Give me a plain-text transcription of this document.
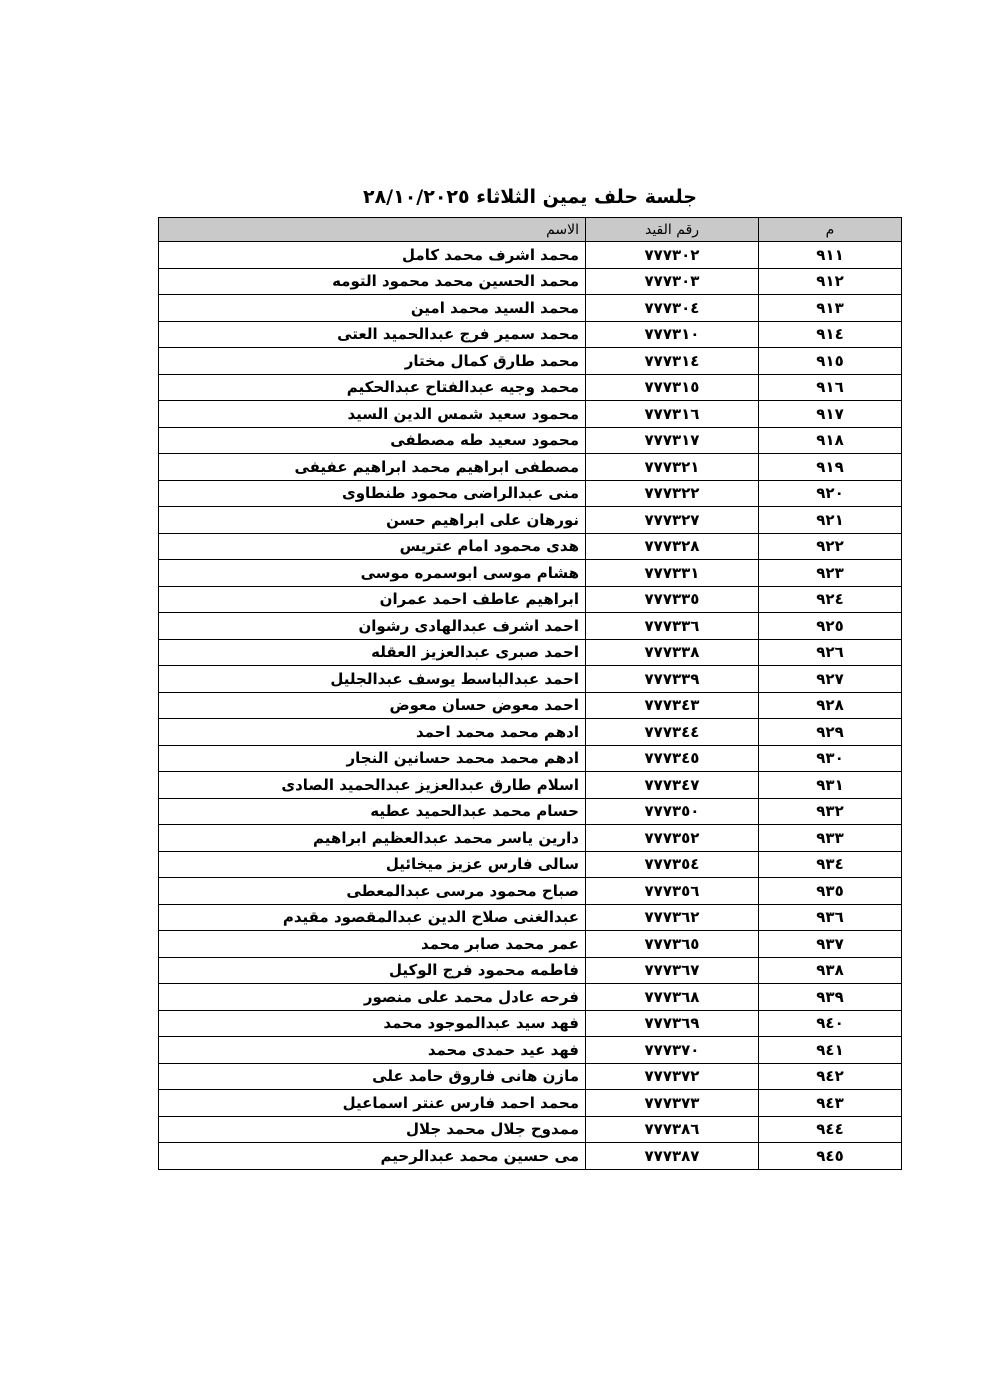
جلسة حلف يمين الثلاثاء ٢٨/١٠/٢٠٢٥
م	رقم القيد	الاسم
٩١١	٧٧٧٣٠٢	محمد اشرف محمد كامل
٩١٢	٧٧٧٣٠٣	محمد الحسين محمد محمود التومه
٩١٣	٧٧٧٣٠٤	محمد السيد محمد امين
٩١٤	٧٧٧٣١٠	محمد سمير فرج عبدالحميد العتى
٩١٥	٧٧٧٣١٤	محمد طارق كمال مختار
٩١٦	٧٧٧٣١٥	محمد وجيه عبدالفتاح عبدالحكيم
٩١٧	٧٧٧٣١٦	محمود سعيد شمس الدين السيد
٩١٨	٧٧٧٣١٧	محمود سعيد طه مصطفى
٩١٩	٧٧٧٣٢١	مصطفى ابراهيم محمد ابراهيم عفيفى
٩٢٠	٧٧٧٣٢٢	منى عبدالراضى محمود طنطاوى
٩٢١	٧٧٧٣٢٧	نورهان على ابراهيم حسن
٩٢٢	٧٧٧٣٢٨	هدى محمود امام عتريس
٩٢٣	٧٧٧٣٣١	هشام موسى ابوسمره موسى
٩٢٤	٧٧٧٣٣٥	ابراهيم عاطف احمد عمران
٩٢٥	٧٧٧٣٣٦	احمد اشرف عبدالهادى رشوان
٩٢٦	٧٧٧٣٣٨	احمد صبرى عبدالعزيز العقله
٩٢٧	٧٧٧٣٣٩	احمد عبدالباسط يوسف عبدالجليل
٩٢٨	٧٧٧٣٤٣	احمد معوض حسان معوض
٩٢٩	٧٧٧٣٤٤	ادهم محمد محمد احمد
٩٣٠	٧٧٧٣٤٥	ادهم محمد محمد حسانين النجار
٩٣١	٧٧٧٣٤٧	اسلام طارق عبدالعزيز عبدالحميد الصادى
٩٣٢	٧٧٧٣٥٠	حسام محمد عبدالحميد عطيه
٩٣٣	٧٧٧٣٥٢	دارين ياسر محمد عبدالعظيم ابراهيم
٩٣٤	٧٧٧٣٥٤	سالى فارس عزيز ميخائيل
٩٣٥	٧٧٧٣٥٦	صباح محمود مرسى عبدالمعطى
٩٣٦	٧٧٧٣٦٢	عبدالغنى صلاح الدين عبدالمقصود مقيدم
٩٣٧	٧٧٧٣٦٥	عمر محمد صابر محمد
٩٣٨	٧٧٧٣٦٧	فاطمه محمود فرج الوكيل
٩٣٩	٧٧٧٣٦٨	فرحه عادل محمد على منصور
٩٤٠	٧٧٧٣٦٩	فهد سيد عبدالموجود محمد
٩٤١	٧٧٧٣٧٠	فهد عيد حمدى محمد
٩٤٢	٧٧٧٣٧٢	مازن هانى فاروق حامد على
٩٤٣	٧٧٧٣٧٣	محمد احمد فارس عنتر اسماعيل
٩٤٤	٧٧٧٣٨٦	ممدوح جلال محمد جلال
٩٤٥	٧٧٧٣٨٧	مى حسين محمد عبدالرحيم
